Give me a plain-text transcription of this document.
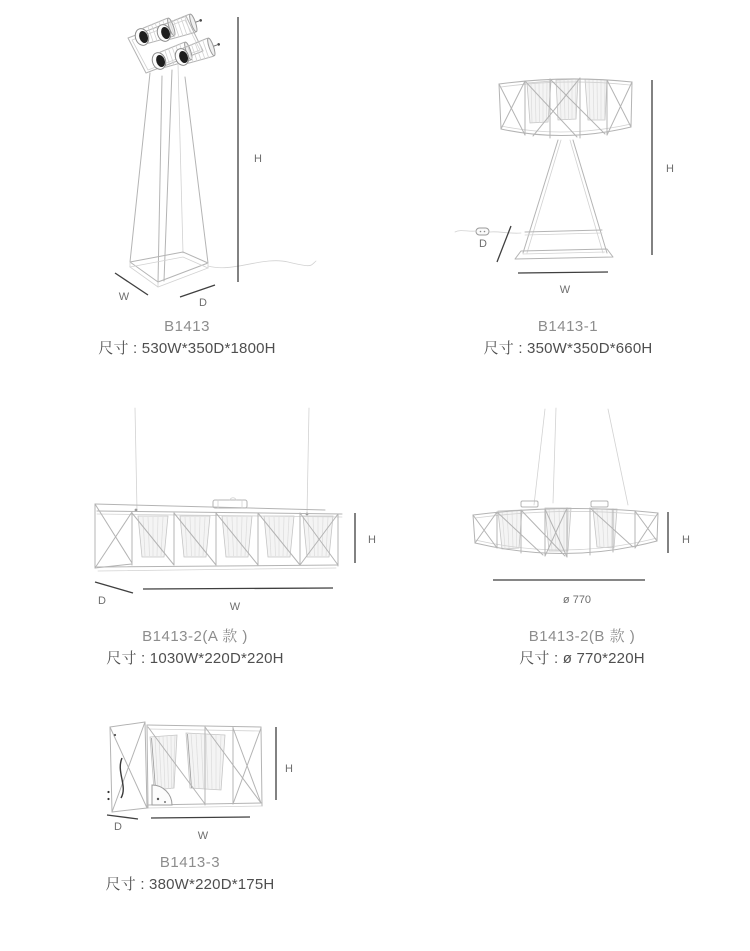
H
W	D
B1413
尺寸 : 530W*350D*1800H
H
D
W
B1413-1
尺寸 : 350W*350D*660H
H
D	W
B1413-2(A 款 )
尺寸 : 1030W*220D*220H
H
ø 770
B1413-2(B 款 )
尺寸 : ø 770*220H
H
D
W
B1413-3
尺寸 : 380W*220D*175H
